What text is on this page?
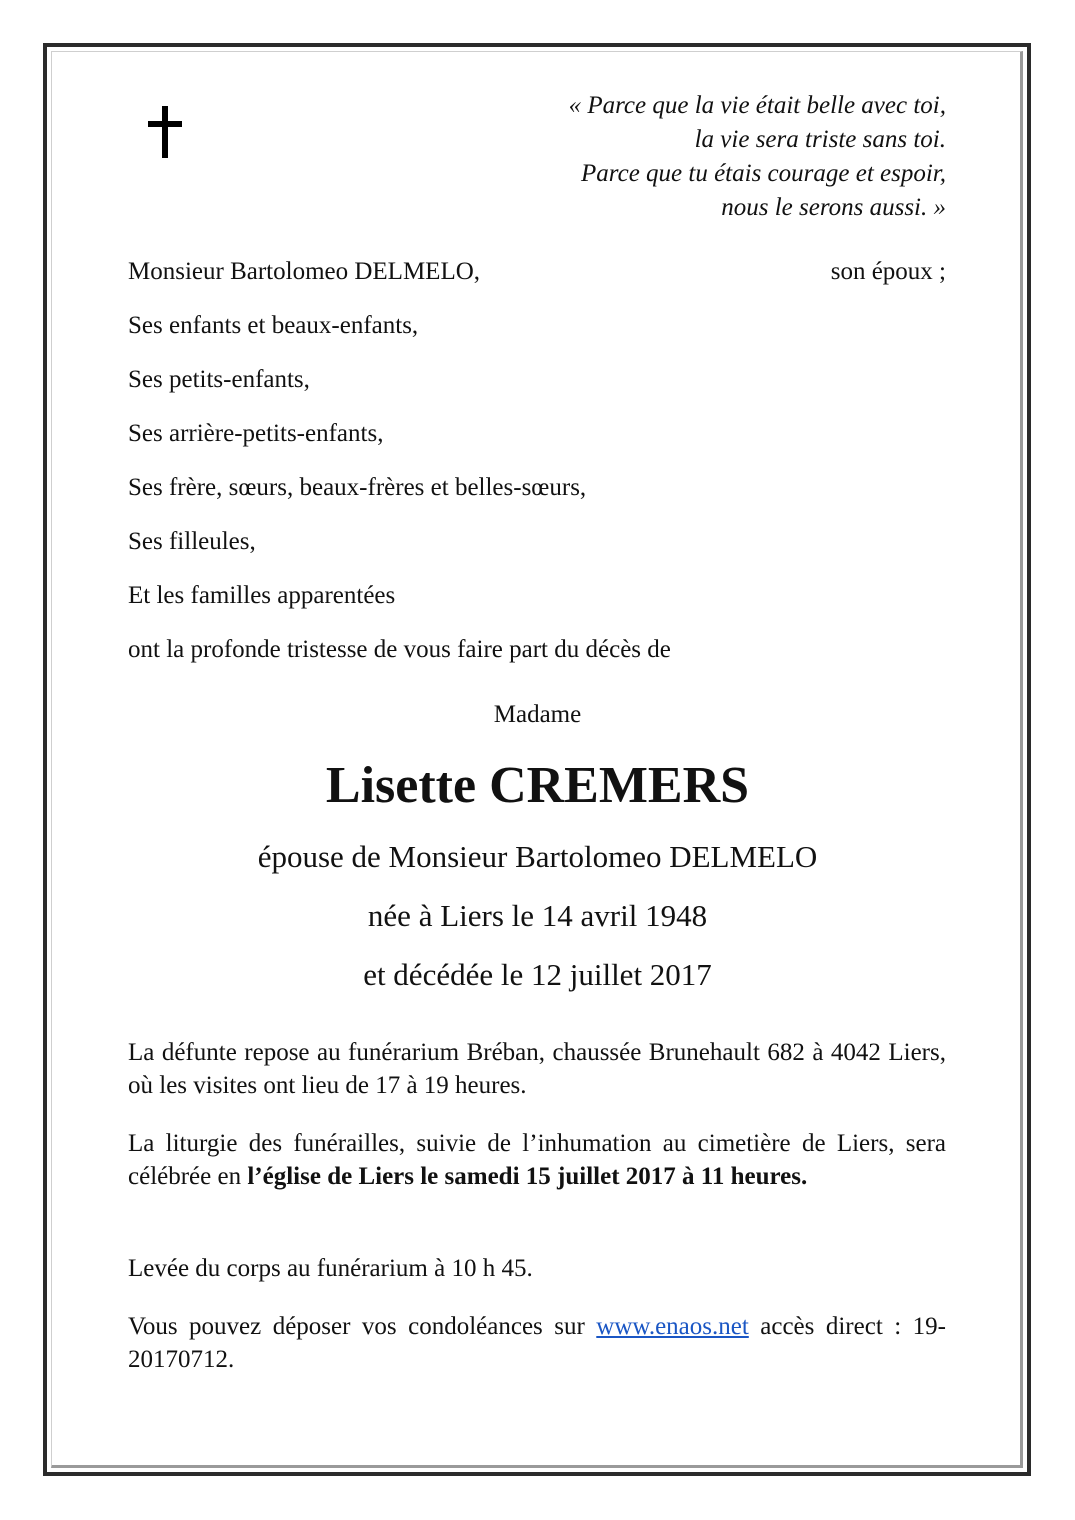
« Parce que la vie était belle avec toi,
la vie sera triste sans toi.
Parce que tu étais courage et espoir,
nous le serons aussi. »
Monsieur Bartolomeo DELMELO,	son époux ;
Ses enfants et beaux-enfants,
Ses petits-enfants,
Ses arrière-petits-enfants,
Ses frère, sœurs, beaux-frères et belles-sœurs,
Ses filleules,
Et les familles apparentées
ont la profonde tristesse de vous faire part du décès de
Madame
Lisette CREMERS
épouse de Monsieur Bartolomeo DELMELO
née à Liers le 14 avril 1948
et décédée le 12 juillet 2017
La défunte repose au funérarium Bréban, chaussée Brunehault 682 à 4042 Liers, où les visites ont lieu de 17 à 19 heures.
La liturgie des funérailles, suivie de l’inhumation au cimetière de Liers, sera célébrée en l’église de Liers le samedi 15 juillet 2017 à 11 heures.
Levée du corps au funérarium à 10 h 45.
Vous pouvez déposer vos condoléances sur www.enaos.net accès direct : 19-20170712.
